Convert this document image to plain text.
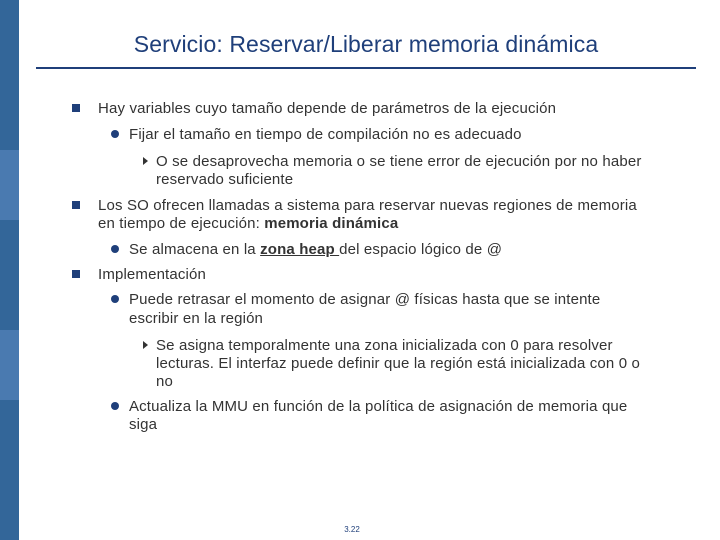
Servicio: Reservar/Liberar memoria dinámica
Hay variables cuyo tamaño depende de parámetros de la ejecución
Fijar el tamaño en tiempo de compilación no es adecuado
O se desaprovecha memoria o se tiene error de ejecución por no haber
reservado suficiente
Los SO ofrecen llamadas a sistema para reservar nuevas regiones de memoria
en tiempo de ejecución: memoria dinámica
Se almacena en la zona heap del espacio lógico de @
Implementación
Puede retrasar el momento de asignar @ físicas hasta que se intente
escribir en la región
Se asigna temporalmente una zona inicializada con 0 para resolver
lecturas. El interfaz puede definir que la región está inicializada con 0 o
no
Actualiza la MMU en función de la política de asignación de memoria que
siga
3.22
